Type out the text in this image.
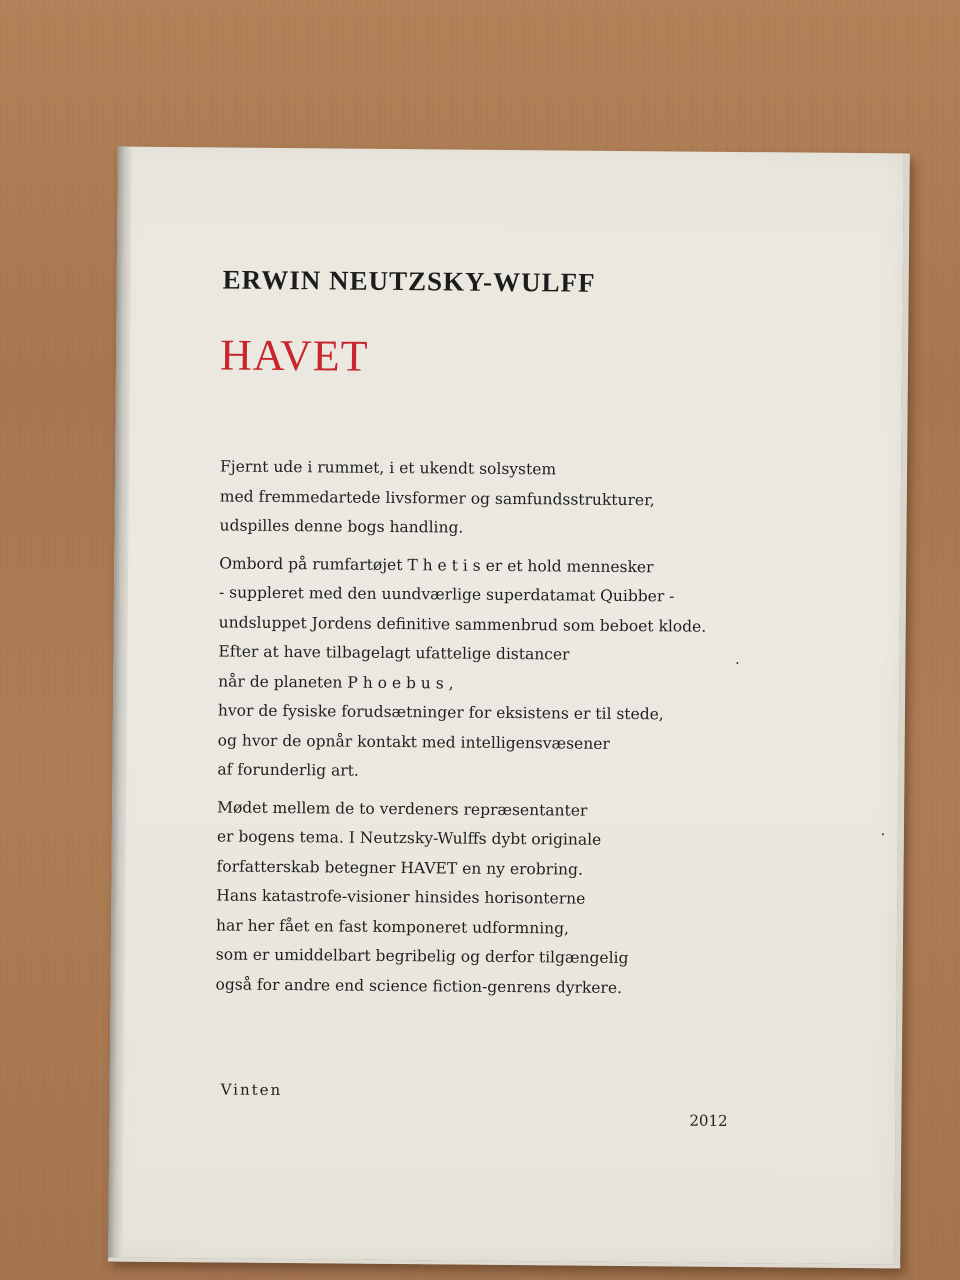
ERWIN NEUTZSKY-WULFF
HAVET
Fjernt ude i rummet, i et ukendt solsystem
med fremmedartede livsformer og samfundsstrukturer,
udspilles denne bogs handling.
Ombord på rumfartøjet T h e t i s er et hold mennesker
- suppleret med den uundværlige superdatamat Quibber -
undsluppet Jordens definitive sammenbrud som beboet klode.
Efter at have tilbagelagt ufattelige distancer
når de planeten P h o e b u s ,
hvor de fysiske forudsætninger for eksistens er til stede,
og hvor de opnår kontakt med intelligensvæsener
af forunderlig art.
Mødet mellem de to verdeners repræsentanter
er bogens tema. I Neutzsky-Wulffs dybt originale
forfatterskab betegner HAVET en ny erobring.
Hans katastrofe-visioner hinsides horisonterne
har her fået en fast komponeret udformning,
som er umiddelbart begribelig og derfor tilgængelig
også for andre end science fiction-genrens dyrkere.
Vinten
2012
